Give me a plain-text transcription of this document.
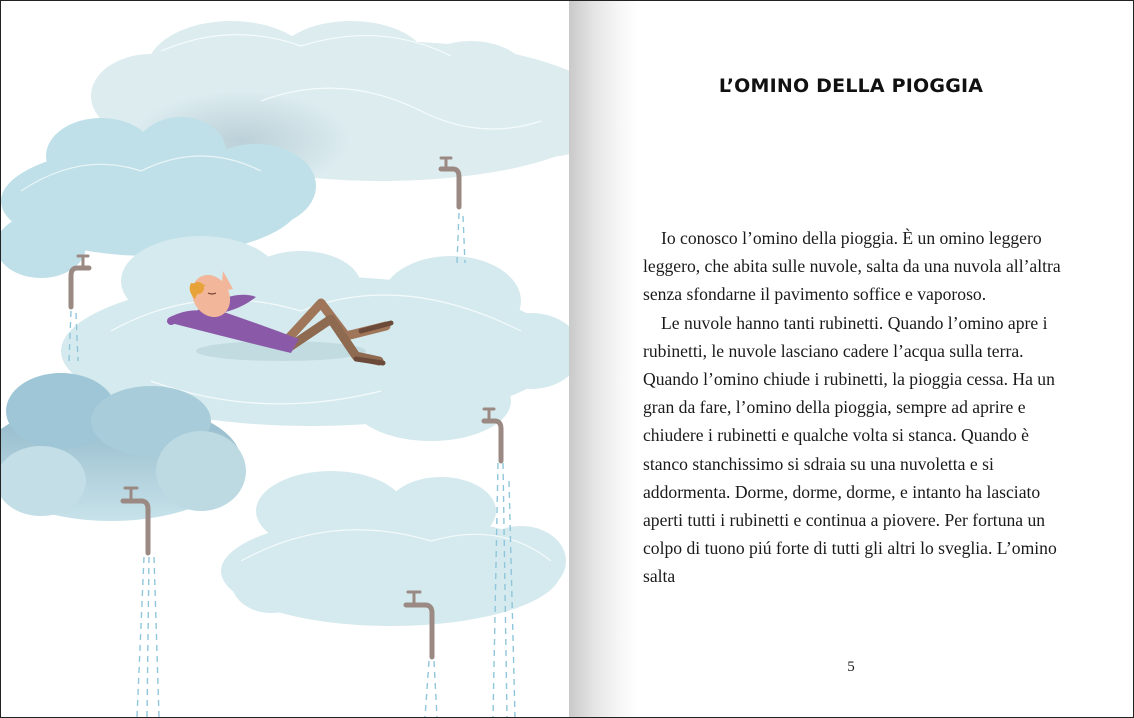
L’OMINO DELLA PIOGGIA

Io conosco l’omino della pioggia. È un omino leggero leggero, che abita sulle nuvole, salta da una nuvola all’altra senza sfondarne il pavimento soffice e vaporoso.

Le nuvole hanno tanti rubinetti. Quando l’omino apre i rubinetti, le nuvole lasciano cadere l’acqua sulla terra. Quando l’omino chiude i rubinetti, la pioggia cessa. Ha un gran da fare, l’omino della pioggia, sempre ad aprire e chiudere i rubinetti e qualche volta si stanca. Quando è stanco stanchissimo si sdraia su una nuvoletta e si addormenta. Dorme, dorme, dorme, e intanto ha lasciato aperti tutti i rubinetti e continua a piovere. Per fortuna un colpo di tuono piú forte di tutti gli altri lo sveglia. L’omino salta

5
